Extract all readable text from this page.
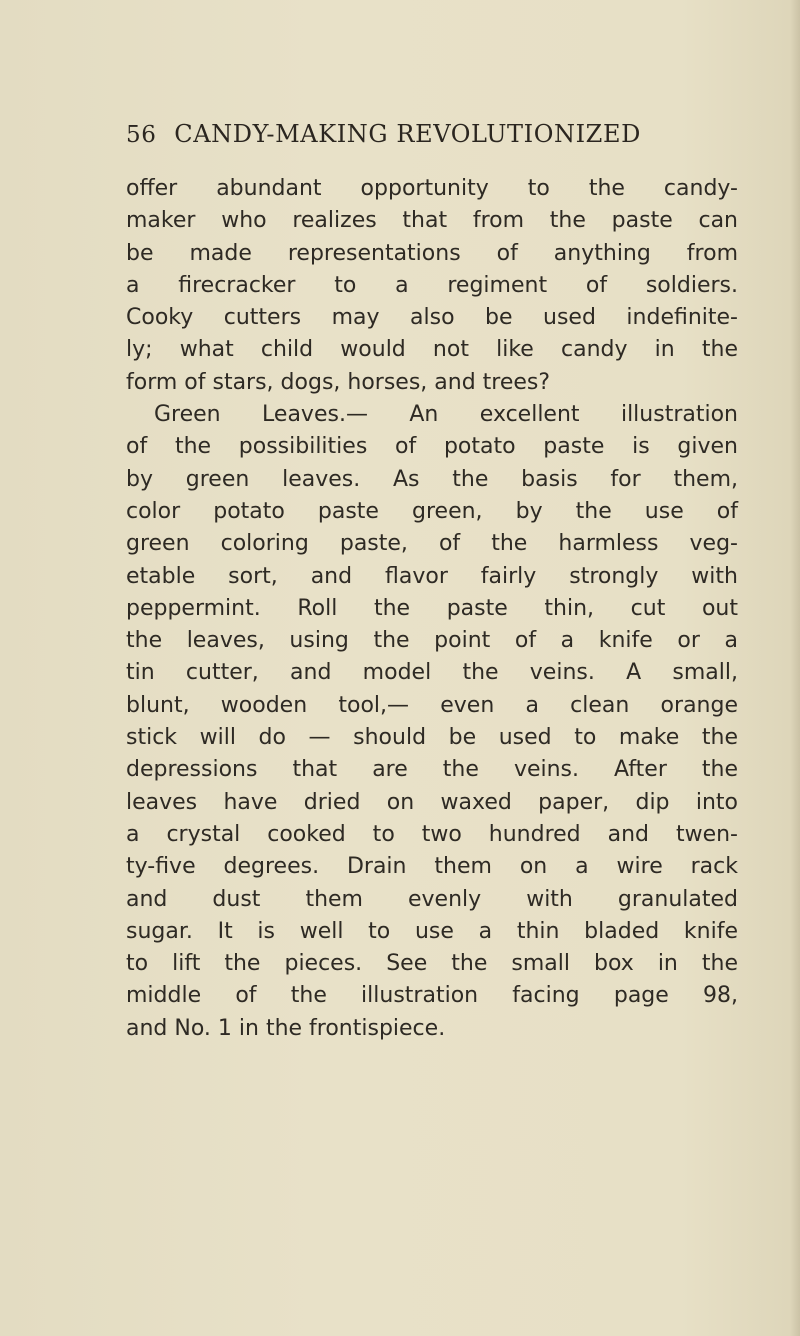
56 CANDY-MAKING REVOLUTIONIZED
offer abundant opportunity to the candy-
maker who realizes that from the paste can
be made representations of anything from
a firecracker to a regiment of soldiers.
Cooky cutters may also be used indefinite-
ly; what child would not like candy in the
form of stars, dogs, horses, and trees?
Green Leaves.— An excellent illustration
of the possibilities of potato paste is given
by green leaves. As the basis for them,
color potato paste green, by the use of
green coloring paste, of the harmless veg-
etable sort, and flavor fairly strongly with
peppermint. Roll the paste thin, cut out
the leaves, using the point of a knife or a
tin cutter, and model the veins. A small,
blunt, wooden tool,— even a clean orange
stick will do — should be used to make the
depressions that are the veins. After the
leaves have dried on waxed paper, dip into
a crystal cooked to two hundred and twen-
ty-five degrees. Drain them on a wire rack
and dust them evenly with granulated
sugar. It is well to use a thin bladed knife
to lift the pieces. See the small box in the
middle of the illustration facing page 98,
and No. 1 in the frontispiece.
